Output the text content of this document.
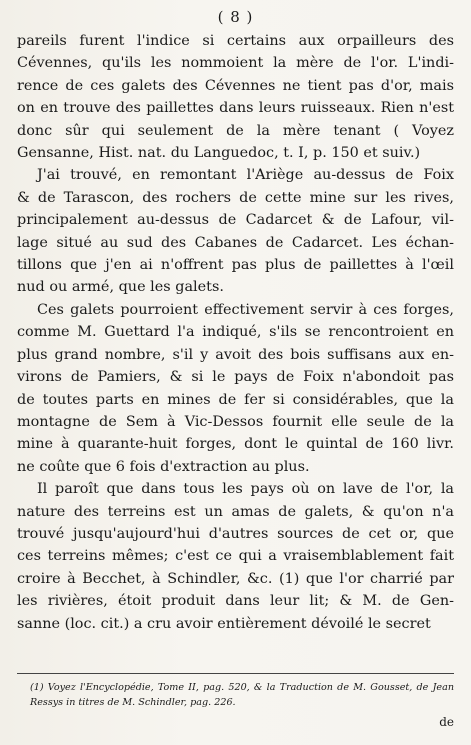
( 8 )

pareils furent l'indice si certains aux orpailleurs des
Cévennes, qu'ils les nommoient la mère de l'or. L'indi-
rence de ces galets des Cévennes ne tient pas d'or, mais
on en trouve des paillettes dans leurs ruisseaux. Rien n'est
donc sûr qui seulement de la mère tenant ( Voyez
Gensanne, Hist. nat. du Languedoc, t. I, p. 150 et suiv.)

J'ai trouvé, en remontant l'Ariège au-dessus de Foix
& de Tarascon, des rochers de cette mine sur les rives,
principalement au-dessus de Cadarcet & de Lafour, vil-
lage situé au sud des Cabanes de Cadarcet. Les échan-
tillons que j'en ai n'offrent pas plus de paillettes à l'œil
nud ou armé, que les galets.

Ces galets pourroient effectivement servir à ces forges,
comme M. Guettard l'a indiqué, s'ils se rencontroient en
plus grand nombre, s'il y avoit des bois suffisans aux en-
virons de Pamiers, & si le pays de Foix n'abondoit pas
de toutes parts en mines de fer si considérables, que la
montagne de Sem à Vic-Dessos fournit elle seule de la
mine à quarante-huit forges, dont le quintal de 160 livr.
ne coûte que 6 fois d'extraction au plus.

Il paroît que dans tous les pays où on lave de l'or, la
nature des terreins est un amas de galets, & qu'on n'a
trouvé jusqu'aujourd'hui d'autres sources de cet or, que
ces terreins mêmes; c'est ce qui a vraisemblablement fait
croire à Becchet, à Schindler, &c. (1) que l'or charrié par
les rivières, étoit produit dans leur lit; & M. de Gen-
sanne (loc. cit.) a cru avoir entièrement dévoilé le secret

(1) Voyez l'Encyclopédie, Tome II, pag. 520, & la Traduction de M. Gousset, de Jean Ressys in titres de M. Schindler, pag. 226.
de
